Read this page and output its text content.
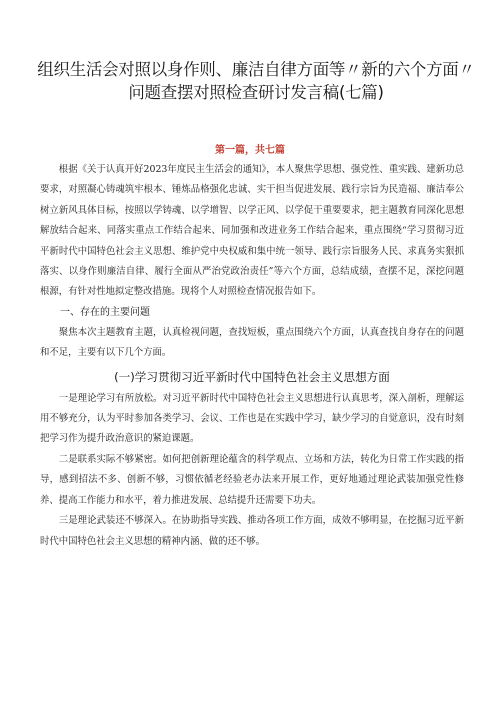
组织生活会对照以身作则、廉洁自律方面等〃新的六个方面〃
问题查摆对照检查研讨发言稿(七篇)
第一篇，共七篇

根据《关于认真开好2023年度民主生活会的通知》，本人聚焦学思想、强党性、重实践、建新功总要求，对照凝心铸魂筑牢根本、锤炼品格强化忠诚、实干担当促进发展、践行宗旨为民造福、廉洁奉公树立新风具体目标，按照以学铸魂、以学增智、以学正风、以学促干重要要求，把主题教育同深化思想解放结合起来、同落实重点工作结合起来、同加强和改进业务工作结合起来，重点围绕“学习贯彻习近平新时代中国特色社会主义思想、维护党中央权威和集中统一领导、践行宗旨服务人民、求真务实狠抓落实、以身作则廉洁自律、履行全面从严治党政治责任”等六个方面，总结成绩，查摆不足，深挖问题根源，有针对性地拟定整改措施。现将个人对照检查情况报告如下。

一、存在的主要问题

聚焦本次主题教育主题，认真检视问题，查找短板，重点围绕六个方面，认真查找自身存在的问题和不足，主要有以下几个方面。

(一)学习贯彻习近平新时代中国特色社会主义思想方面

一是理论学习有所放松。对习近平新时代中国特色社会主义思想进行认真思考，深入剖析，理解运用不够充分，认为平时参加各类学习、会议、工作也是在实践中学习，缺少学习的自觉意识，没有时刻把学习作为提升政治意识的紧迫课题。

二是联系实际不够紧密。如何把创新理论蕴含的科学观点、立场和方法，转化为日常工作实践的指导，感到招法不多、创新不够，习惯依循老经验老办法来开展工作，更好地通过理论武装加强党性修养、提高工作能力和水平，着力推进发展、总结提升还需要下功夫。

三是理论武装还不够深入。在协助指导实践、推动各项工作方面，成效不够明显，在挖掘习近平新时代中国特色社会主义思想的精神内涵、做的还不够。
